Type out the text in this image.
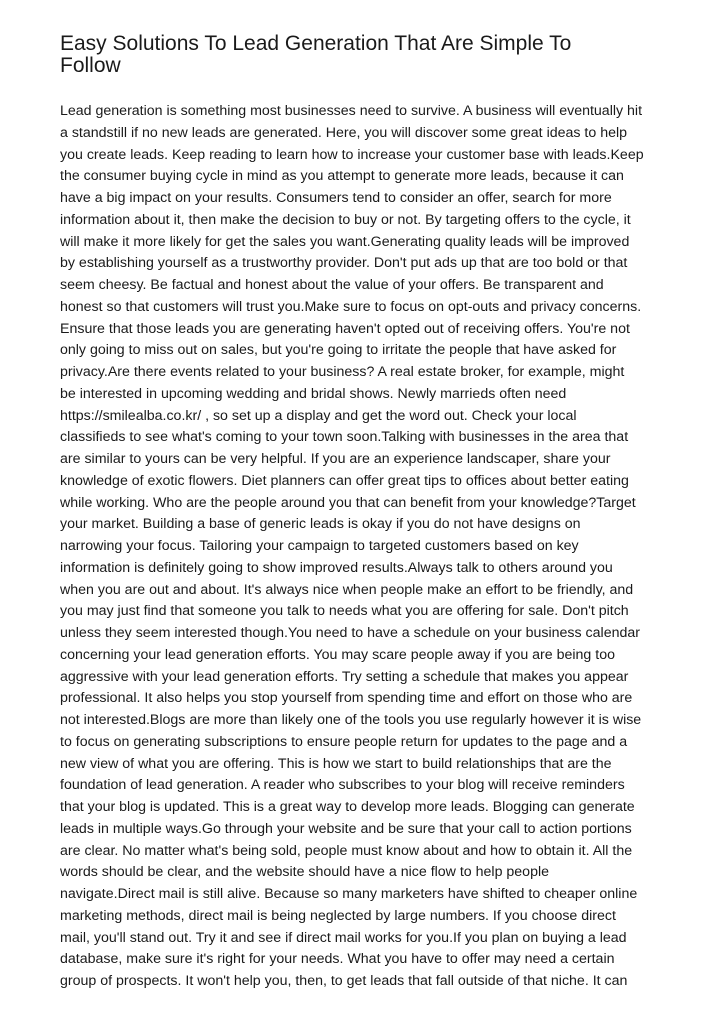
Easy Solutions To Lead Generation That Are Simple To
Follow
Lead generation is something most businesses need to survive. A business will eventually hit
a standstill if no new leads are generated. Here, you will discover some great ideas to help
you create leads. Keep reading to learn how to increase your customer base with leads.Keep
the consumer buying cycle in mind as you attempt to generate more leads, because it can
have a big impact on your results. Consumers tend to consider an offer, search for more
information about it, then make the decision to buy or not. By targeting offers to the cycle, it
will make it more likely for get the sales you want.Generating quality leads will be improved
by establishing yourself as a trustworthy provider. Don't put ads up that are too bold or that
seem cheesy. Be factual and honest about the value of your offers. Be transparent and
honest so that customers will trust you.Make sure to focus on opt-outs and privacy concerns.
Ensure that those leads you are generating haven't opted out of receiving offers. You're not
only going to miss out on sales, but you're going to irritate the people that have asked for
privacy.Are there events related to your business? A real estate broker, for example, might
be interested in upcoming wedding and bridal shows. Newly marrieds often need
https://smilealba.co.kr/ , so set up a display and get the word out. Check your local
classifieds to see what's coming to your town soon.Talking with businesses in the area that
are similar to yours can be very helpful. If you are an experience landscaper, share your
knowledge of exotic flowers. Diet planners can offer great tips to offices about better eating
while working. Who are the people around you that can benefit from your knowledge?Target
your market. Building a base of generic leads is okay if you do not have designs on
narrowing your focus. Tailoring your campaign to targeted customers based on key
information is definitely going to show improved results.Always talk to others around you
when you are out and about. It's always nice when people make an effort to be friendly, and
you may just find that someone you talk to needs what you are offering for sale. Don't pitch
unless they seem interested though.You need to have a schedule on your business calendar
concerning your lead generation efforts. You may scare people away if you are being too
aggressive with your lead generation efforts. Try setting a schedule that makes you appear
professional. It also helps you stop yourself from spending time and effort on those who are
not interested.Blogs are more than likely one of the tools you use regularly however it is wise
to focus on generating subscriptions to ensure people return for updates to the page and a
new view of what you are offering. This is how we start to build relationships that are the
foundation of lead generation. A reader who subscribes to your blog will receive reminders
that your blog is updated. This is a great way to develop more leads. Blogging can generate
leads in multiple ways.Go through your website and be sure that your call to action portions
are clear. No matter what's being sold, people must know about and how to obtain it. All the
words should be clear, and the website should have a nice flow to help people
navigate.Direct mail is still alive. Because so many marketers have shifted to cheaper online
marketing methods, direct mail is being neglected by large numbers. If you choose direct
mail, you'll stand out. Try it and see if direct mail works for you.If you plan on buying a lead
database, make sure it's right for your needs. What you have to offer may need a certain
group of prospects. It won't help you, then, to get leads that fall outside of that niche. It can
